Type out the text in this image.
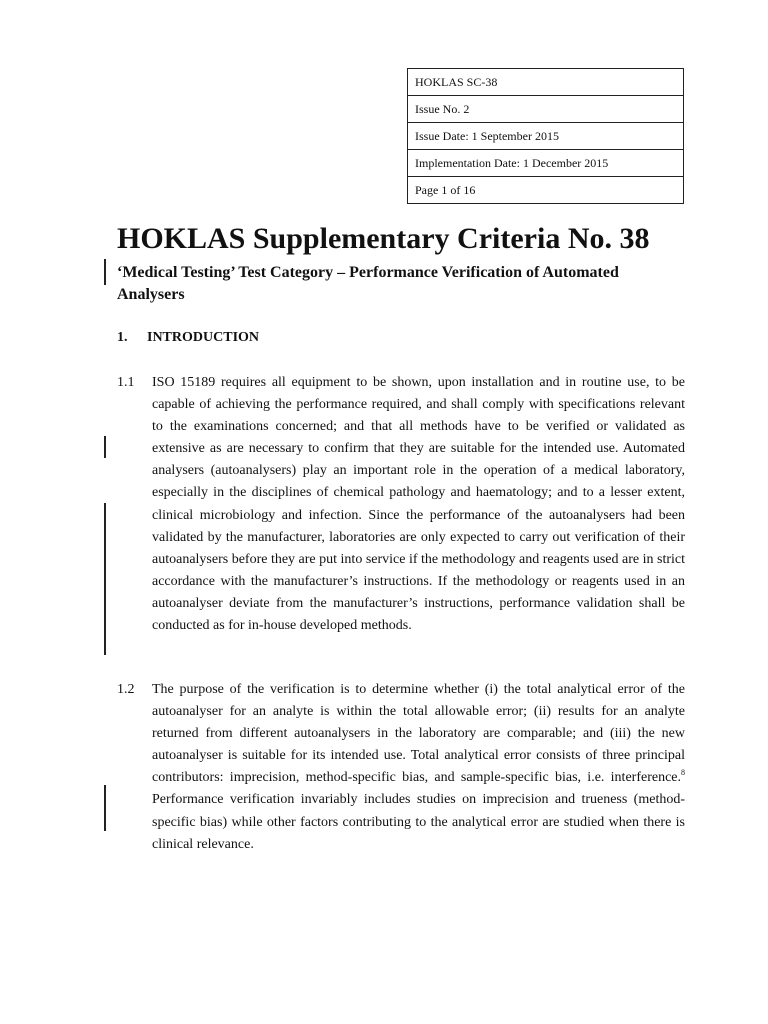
HOKLAS SC-38
Issue No. 2
Issue Date: 1 September 2015
Implementation Date: 1 December 2015
Page 1 of 16
HOKLAS Supplementary Criteria No. 38
‘Medical Testing’ Test Category – Performance Verification of Automated Analysers
1. INTRODUCTION
1.1 ISO 15189 requires all equipment to be shown, upon installation and in routine use, to be capable of achieving the performance required, and shall comply with specifications relevant to the examinations concerned; and that all methods have to be verified or validated as extensive as are necessary to confirm that they are suitable for the intended use. Automated analysers (autoanalysers) play an important role in the operation of a medical laboratory, especially in the disciplines of chemical pathology and haematology; and to a lesser extent, clinical microbiology and infection. Since the performance of the autoanalysers had been validated by the manufacturer, laboratories are only expected to carry out verification of their autoanalysers before they are put into service if the methodology and reagents used are in strict accordance with the manufacturer’s instructions. If the methodology or reagents used in an autoanalyser deviate from the manufacturer’s instructions, performance validation shall be conducted as for in-house developed methods.
1.2 The purpose of the verification is to determine whether (i) the total analytical error of the autoanalyser for an analyte is within the total allowable error; (ii) results for an analyte returned from different autoanalysers in the laboratory are comparable; and (iii) the new autoanalyser is suitable for its intended use. Total analytical error consists of three principal contributors: imprecision, method-specific bias, and sample-specific bias, i.e. interference.$^8$ Performance verification invariably includes studies on imprecision and trueness (method-specific bias) while other factors contributing to the analytical error are studied when there is clinical relevance.
